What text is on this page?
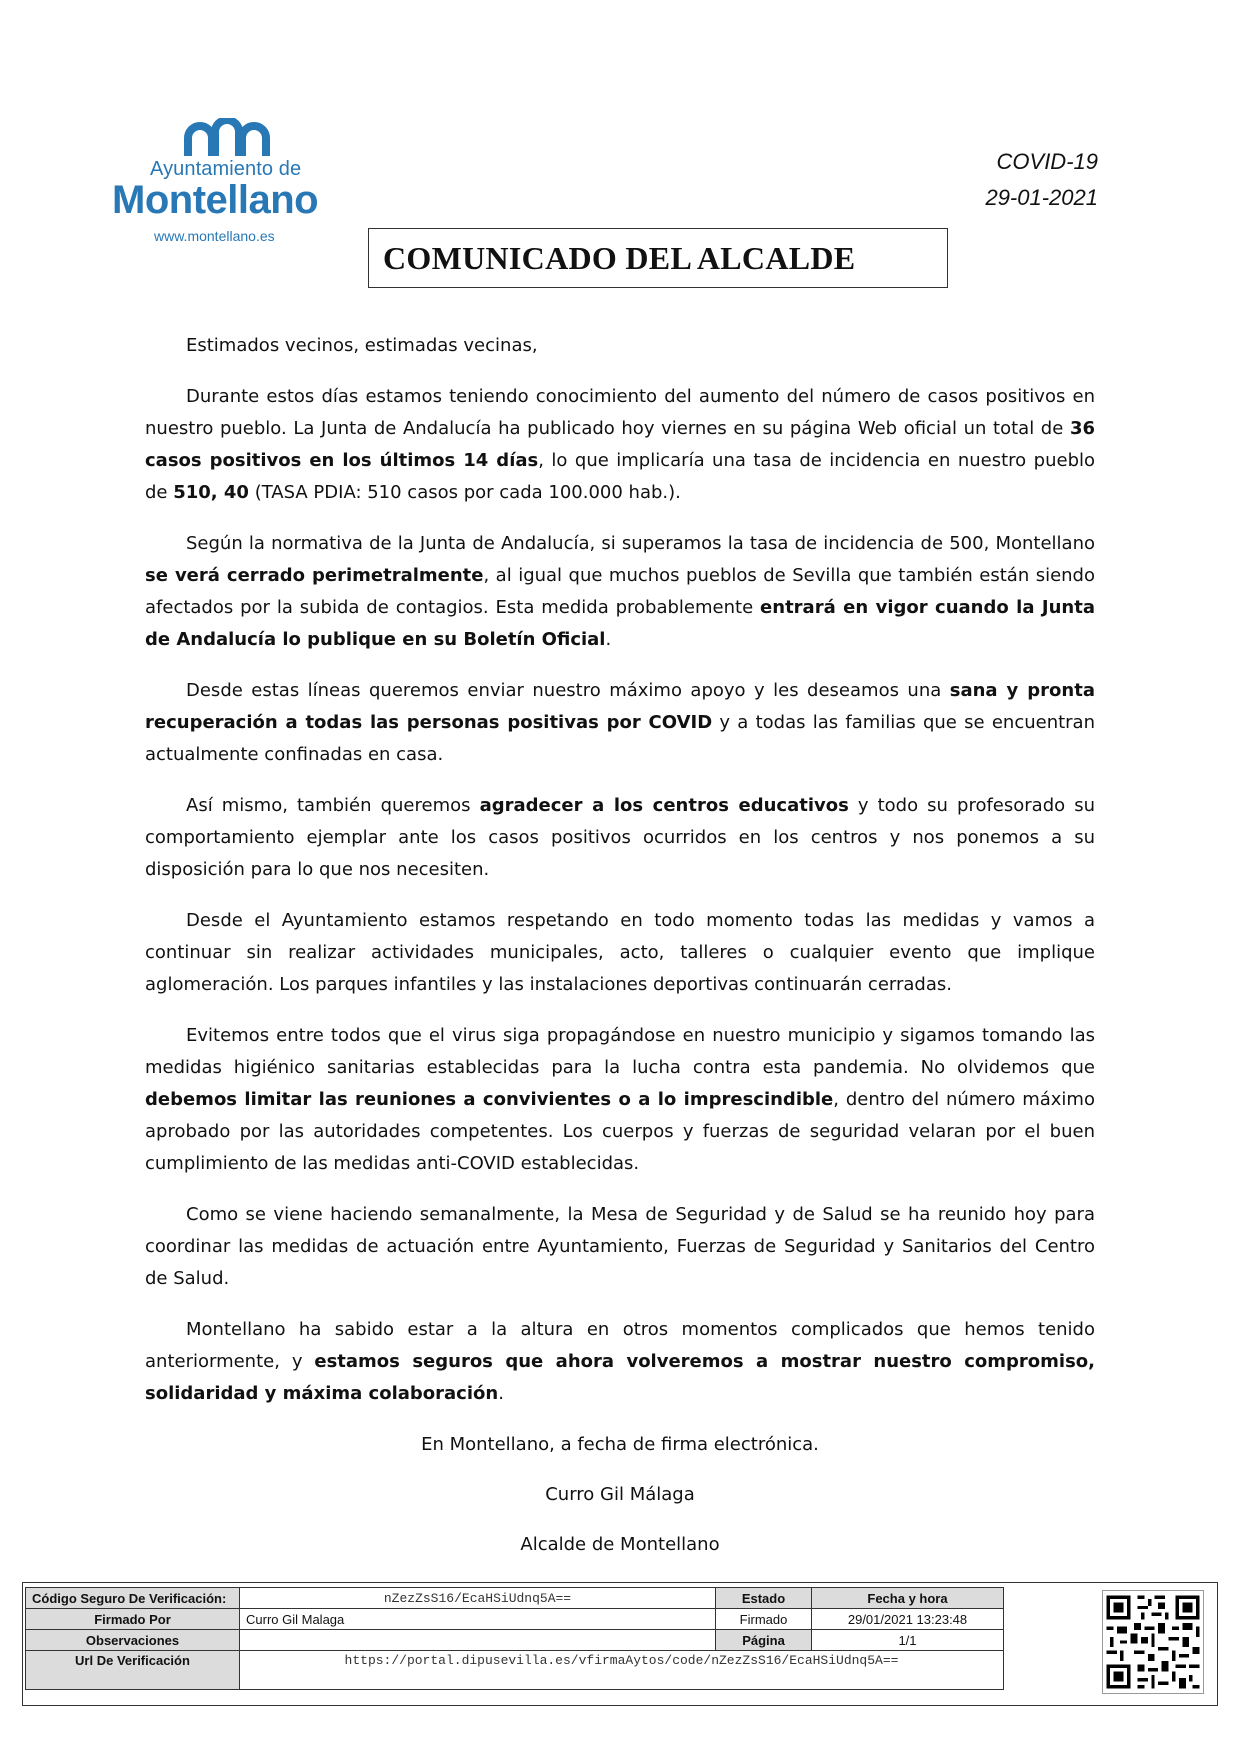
Ayuntamiento de
Montellano
www.montellano.es
COVID-19
29-01-2021
COMUNICADO DEL ALCALDE

Estimados vecinos, estimadas vecinas,

Durante estos días estamos teniendo conocimiento del aumento del número de casos positivos en nuestro pueblo. La Junta de Andalucía ha publicado hoy viernes en su página Web oficial un total de 36 casos positivos en los últimos 14 días, lo que implicaría una tasa de incidencia en nuestro pueblo de 510, 40 (TASA PDIA: 510 casos por cada 100.000 hab.).

Según la normativa de la Junta de Andalucía, si superamos la tasa de incidencia de 500, Montellano se verá cerrado perimetralmente, al igual que muchos pueblos de Sevilla que también están siendo afectados por la subida de contagios. Esta medida probablemente entrará en vigor cuando la Junta de Andalucía lo publique en su Boletín Oficial.

Desde estas líneas queremos enviar nuestro máximo apoyo y les deseamos una sana y pronta recuperación a todas las personas positivas por COVID y a todas las familias que se encuentran actualmente confinadas en casa.

Así mismo, también queremos agradecer a los centros educativos y todo su profesorado su comportamiento ejemplar ante los casos positivos ocurridos en los centros y nos ponemos a su disposición para lo que nos necesiten.

Desde el Ayuntamiento estamos respetando en todo momento todas las medidas y vamos a continuar sin realizar actividades municipales, acto, talleres o cualquier evento que implique aglomeración. Los parques infantiles y las instalaciones deportivas continuarán cerradas.

Evitemos entre todos que el virus siga propagándose en nuestro municipio y sigamos tomando las medidas higiénico sanitarias establecidas para la lucha contra esta pandemia. No olvidemos que debemos limitar las reuniones a convivientes o a lo imprescindible, dentro del número máximo aprobado por las autoridades competentes. Los cuerpos y fuerzas de seguridad velaran por el buen cumplimiento de las medidas anti-COVID establecidas.

Como se viene haciendo semanalmente, la Mesa de Seguridad y de Salud se ha reunido hoy para coordinar las medidas de actuación entre Ayuntamiento, Fuerzas de Seguridad y Sanitarios del Centro de Salud.

Montellano ha sabido estar a la altura en otros momentos complicados que hemos tenido anteriormente, y estamos seguros que ahora volveremos a mostrar nuestro compromiso, solidaridad y máxima colaboración.

En Montellano, a fecha de firma electrónica.

Curro Gil Málaga

Alcalde de Montellano

Código Seguro De Verificación:	nZezZsS16/EcaHSiUdnq5A==	Estado	Fecha y hora
Firmado Por	Curro Gil Malaga	Firmado	29/01/2021 13:23:48
Observaciones		Página	1/1
Url De Verificación	https://portal.dipusevilla.es/vfirmaAytos/code/nZezZsS16/EcaHSiUdnq5A==		
